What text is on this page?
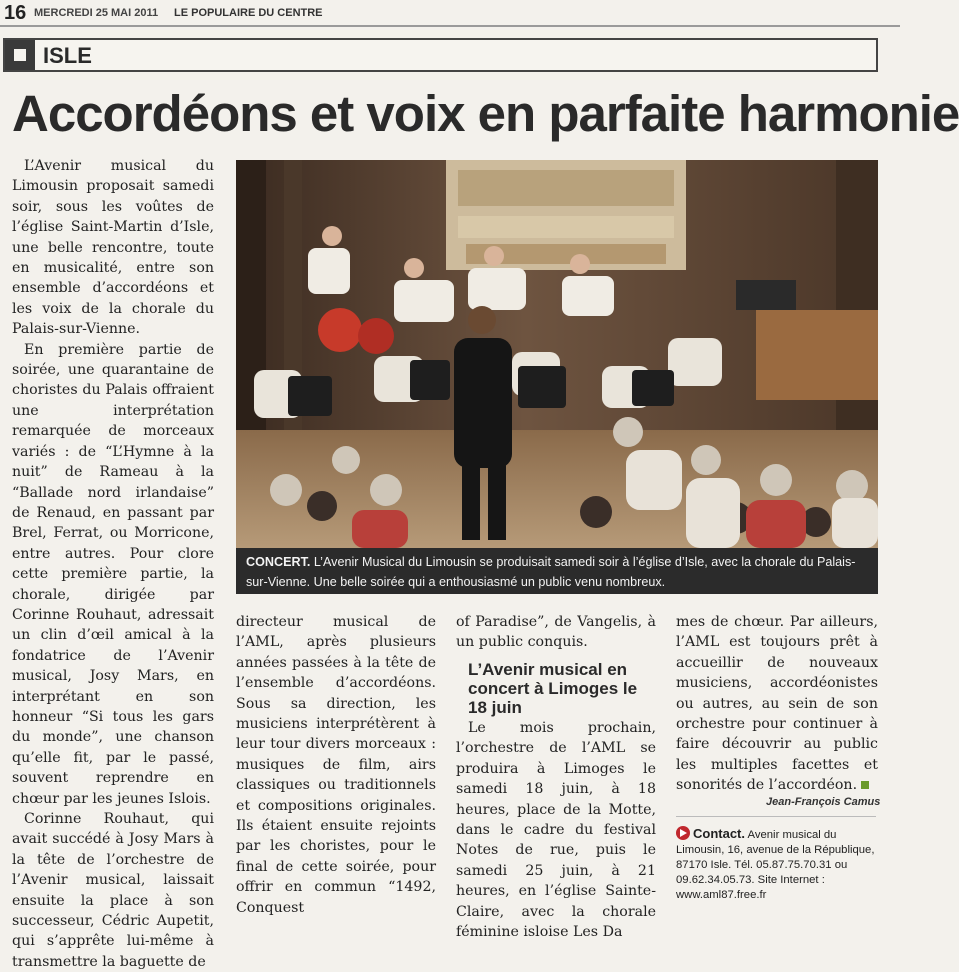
16 MERCREDI 25 MAI 2011 LE POPULAIRE DU CENTRE
ISLE
Accordéons et voix en parfaite harmonie

L’Avenir musical du Limousin proposait samedi soir, sous les voûtes de l’église Saint-Martin d’Isle, une belle rencontre, toute en musicalité, entre son ensemble d’accordéons et les voix de la chorale du Palais-sur-Vienne.

En première partie de soirée, une quarantaine de choristes du Palais offraient une interprétation remarquée de morceaux variés : de “L’Hymne à la nuit” de Rameau à la “Ballade nord irlandaise” de Renaud, en passant par Brel, Ferrat, ou Morricone, entre autres. Pour clore cette première partie, la chorale, dirigée par Corinne Rouhaut, adressait un clin d’œil amical à la fondatrice de l’Avenir musical, Josy Mars, en interprétant en son honneur “Si tous les gars du monde”, une chanson qu’elle fit, par le passé, souvent reprendre en chœur par les jeunes Islois.

Corinne Rouhaut, qui avait succédé à Josy Mars à la tête de l’orchestre de l’Avenir musical, laissait ensuite la place à son successeur, Cédric Aupetit, qui s’apprête lui-même à transmettre la baguette de

CONCERT. L’Avenir Musical du Limousin se produisait samedi soir à l’église d’Isle, avec la chorale du Palais-sur-Vienne. Une belle soirée qui a enthousiasmé un public venu nombreux.

directeur musical de l’AML, après plusieurs années passées à la tête de l’ensemble d’accordéons. Sous sa direction, les musiciens interprétèrent à leur tour divers morceaux : musiques de film, airs classiques ou traditionnels et compositions originales. Ils étaient ensuite rejoints par les choristes, pour le final de cette soirée, pour offrir en commun “1492, Conquest

of Paradise”, de Vangelis, à un public conquis.

L’Avenir musical en concert à Limoges le 18 juin

Le mois prochain, l’orchestre de l’AML se produira à Limoges le samedi 18 juin, à 18 heures, place de la Motte, dans le cadre du festival Notes de rue, puis le samedi 25 juin, à 21 heures, en l’église Sainte-Claire, avec la chorale féminine isloise Les Da

mes de chœur. Par ailleurs, l’AML est toujours prêt à accueillir de nouveaux musiciens, accordéonistes ou autres, au sein de son orchestre pour continuer à faire découvrir au public les multiples facettes et sonorités de l’accordéon.

Jean-François Camus
Contact. Avenir musical du Limousin, 16, avenue de la République, 87170 Isle. Tél. 05.87.75.70.31 ou 09.62.34.05.73. Site Internet : www.aml87.free.fr
